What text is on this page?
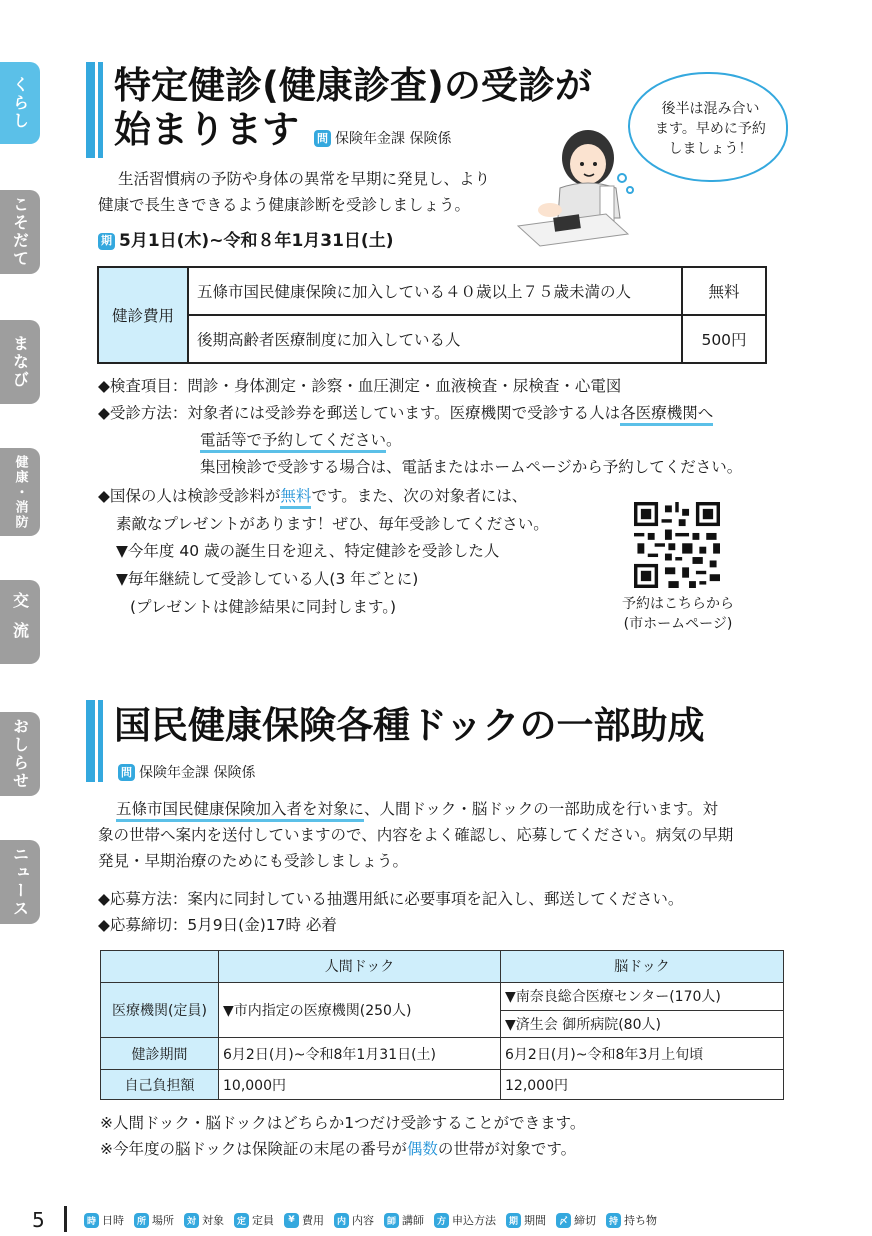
くらし
こそだて
まなび
健康・消防
交流
おしらせ
ニュース
特定健診(健康診査)の受診が
始まります 問 保険年金課 保険係
後半は混み合い
ます。早めに予約
しましょう！
生活習慣病の予防や身体の異常を早期に発見し、より
健康で長生きできるよう健康診断を受診しましょう。
期 5月1日(木)~令和８年1月31日(土)
健診費用	五條市国民健康保険に加入している４０歳以上７５歳未満の人	無料
	後期高齢者医療制度に加入している人	500円
◆検査項目：問診・身体測定・診察・血圧測定・血液検査・尿検査・心電図
◆受診方法：対象者には受診券を郵送しています。医療機関で受診する人は各医療機関へ
電話等で予約してください。
集団検診で受診する場合は、電話またはホームページから予約してください。
◆国保の人は検診受診料が無料です。また、次の対象者には、
素敵なプレゼントがあります！ぜひ、毎年受診してください。
▼今年度 40 歳の誕生日を迎え、特定健診を受診した人
▼毎年継続して受診している人(3 年ごとに)
(プレゼントは健診結果に同封します。)	予約はこちらから
(市ホームページ)
国民健康保険各種ドックの一部助成
問 保険年金課 保険係
五條市国民健康保険加入者を対象に、人間ドック・脳ドックの一部助成を行います。対
象の世帯へ案内を送付していますので、内容をよく確認し、応募してください。病気の早期
発見・早期治療のためにも受診しましょう。
◆応募方法：案内に同封している抽選用紙に必要事項を記入し、郵送してください。
◆応募締切：5月9日(金)17時 必着
	人間ドック	脳ドック
医療機関(定員)	▼市内指定の医療機関(250人)	▼南奈良総合医療センター(170人)
		▼済生会 御所病院(80人)
健診期間	6月2日(月)~令和8年1月31日(土)	6月2日(月)~令和8年3月上旬頃
自己負担額	10,000円	12,000円
※人間ドック・脳ドックはどちらか1つだけ受診することができます。
※今年度の脳ドックは保険証の末尾の番号が偶数の世帯が対象です。
5	時 日時	所 場所	対 対象	定 定員	¥ 費用	内 内容	師 講師	方 申込方法	期 期間	〆 締切	持 持ち物
